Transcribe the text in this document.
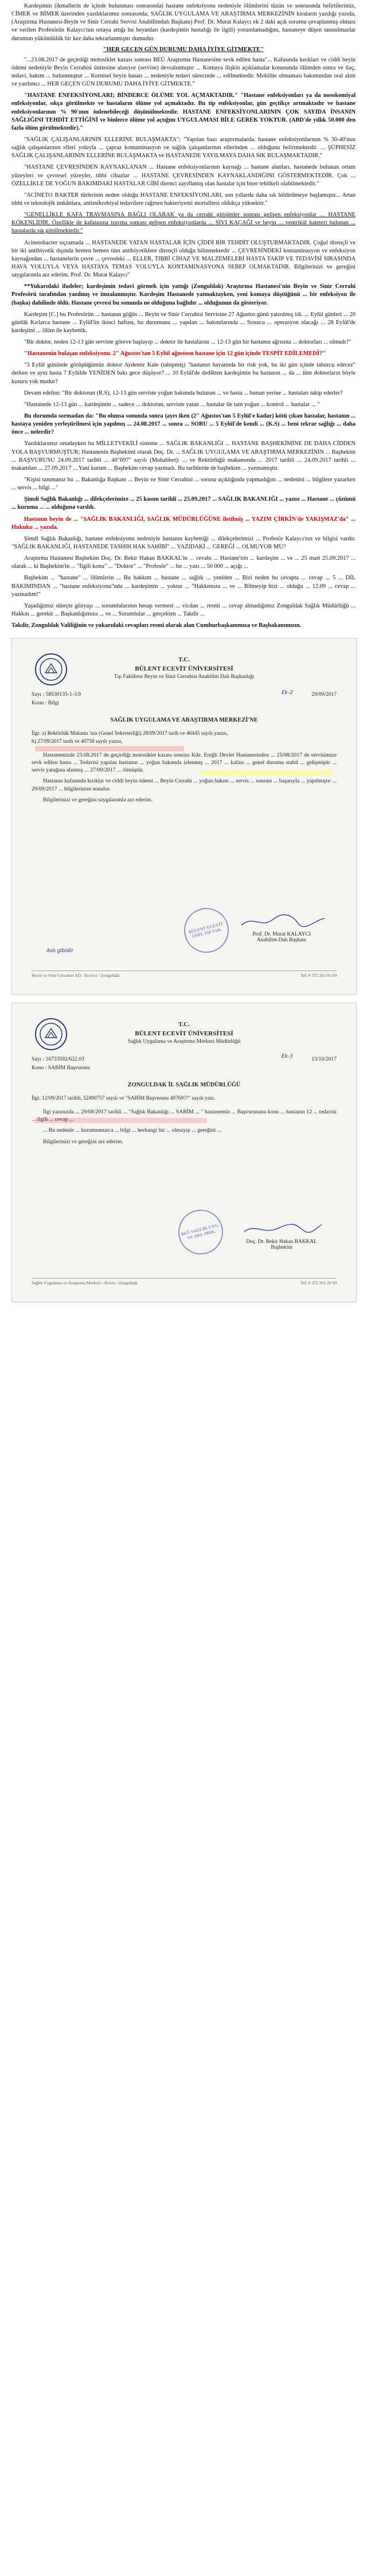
Kardeşimin (ikmallerin de içinde bulunması sonrasında) hastane enfeksiyonu nedeniyle ölümlerini tüzün ve sonrasında belirtilerimiz, CİMER ve BİMER üzerinden yazdıklarımız sonrasında; SAĞLIK UYGULAMA VE ARAŞTIRMA MERKEZİNİN kiraların yazdığı yazıda, (Araştırma Hastanesi-Beyin ve Sinir Cerrahi Servisi Anabilimdalı Başkanı) Prof. Dr. Murat Kalaycı ek 2 daki açık sorumu çevaplanmış olması ve verilen Profesörün Kalaycı'nın ortaya attığı bu beyanları (kardeşimin hastalığı ile ilgili) yorumlamadığını, hastaneye düşen tanınılmazlar durumun yükümlülük bir kez daha tekrarlanmıştır dumudur.

"HER GEÇEN GÜN DURUMU DAHA İYİYE GİTMEKTE"

"...23.08.2017 de geçirdiği motosiklet kazası sonrası BEÜ Araştırma Hastanesine sevk edilen hasta"... Kafasında kırıkları ve ciddi beyin ödemi nedeniyle Beyin Cerrahisi ünitesine alınıyor (servise) devralınmıştır ... Komaya ilişkin açıklamalar konusunda ölümden sonra ve ilaç, tedavi, bakım ... bulunmuştur ... Kornisel beyin hasarı ... nedeniyle tedavi sürecinde ... edilmektedir. Mobilite olmaması bakımından oral alım ve yardımcı ... HER GEÇEN GÜN DURUMU DAHA İYİYE GİTMEKTE."

"HASTANE ENFEKSİYONLARI; BİNDERCE ÖLÜME YOL AÇMAKTADIR." "Hastane enfeksiyonları ya da nosokomiyal enfeksiyonlar, sıkça görülmekte ve hastaların ölüme yol açmaktadır. Bu tip enfeksiyonlar, gün geçtikçe artmaktadır ve hastane enfeksiyonlarının % 90'ının önlenebileceği düşünülmektedir. HASTANE ENFEKSİYONLARININ ÇOK SAYIDA İNSANIN SAĞLIĞINI TEHDİT ETTİĞİNİ ve binlerce ölüme yol açtığını UYGULAMASI BİLE GEREK YOKTUR. (ABD'de yıllık 50.000 den fazla ölüm görülmektedir)."

"SAĞLIK ÇALIŞANLARININ ELLERİNE BULAŞMAKTA"; "Yapılan bazı araştırmalarda, hastane enfeksiyonlarının % 30-40'ının sağlık çalışanlarının elleri yoluyla ... çapraz kontaminasyon ve sağlık çalışanlarının ellerinden ... olduğunu belirtmektedir. ... ŞÜPHESİZ SAĞLIK ÇALIŞANLARININ ELLERİNE BULAŞMAKTA ve HASTANEDE YAYILMAYA DAHA SIK BULAŞMAKTADIR."

"HASTANE ÇEVRESİNDEN KAYNAKLANAN ... Hastane enfeksiyonlarının kaynağı ... hastane alanları, hastanede bulunan ortam yüzeyleri ve çevresel yüzeyler, tıbbi cihazlar ... HASTANE ÇEVRESİNDEN KAYNAKLANDIĞINI GÖSTERMEKTEDİR. Çok ... ÖZELLİKLE DE YOĞUN BAKIMDAKİ HASTALAR GİBİ direnci zayıflamış olan hastalar için birer tehlikeli olabilmektedir."

"ACİNETO BAKTER türlerinin neden olduğu HASTANE ENFEKSİYONLARI, son yıllarda daha sık bildirilmeye başlamıştır... Artan tıbbi ve teknolojik imkânlara, antimikrobiyal tedavilere rağmen bakteriyemi mortalitesi oldukça yüksektir."

"GENELLİKLE KAFA TRAVMASINA BAĞLI OLARAK ya da cerrahi girişimler sonrası gelişen enfeksiyonlar ... HASTANE KÖKENLİDİR. Özellikle de kafatasına travma sonrası gelişen enfeksiyonlarda ... SIVI KAÇAĞI ve beyin ... ventrikül kateteri bulunan ... hastalarda sık görülmektedir."

Acinetobacter sıçramada ... HASTANEDE YATAN HASTALAR İÇİN ÇİDDİ BİR TEHDİT OLUŞTURMAKTADIR. Çoğul dirençli ve bir iki antibiyotik dışında hemen hemen tüm antibiyotiklere dirençli olduğu bilinmektedir ... ÇEVRESİNDEKİ kontaminasyon ve enfeksiyon kaynağından ... hastanelerin çevre ... çevredeki ... ELLER, TIBBİ CİHAZ VE MALZEMELERİ HASTA TAKİP VE TEDAVİSİ SIRASINDA HAVA YOLUYLA VEYA HASTAYA TEMAS YOLUYLA KONTAMINASYONA SEBEP OLMAKTADIR. Bilgilerinizi ve gereğini saygılarımla arz ederim. Prof. Dr. Murat Kalaycı"

**Yukarıdaki ifadeler; kardeşimin tedavi görmek için yattığı (Zonguldak) Araştırma Hastanesi'nin Beyin ve Sinir Cerrahi Profesörü tarafından yazılmış ve imzalanmıştır. Kardeşim Hastanede yatmaktayken, yeni komaya düştüğünü ... bir enfeksiyon ile (başka) dahilinde öldü. Hastane çevresi bu sonunda ne olduğuna bağlıdır ... olduğunun da gösteriyor.

Kardeşim [C.] bu Profesörün ... hastanın göğüs ... Beyin ve Sinir Cerrahisi Servisine 27 Ağustos günü yatırılmış idi. ... Eylül günleri ... 20 günlük Kırlarca hastane ... Eylül'ün ikinci haftası, bu durumunu ... yapılan ... bakımlarında ... Sonucu ... operasyon olacağı ... 28 Eylül'de kardeşimi ... ölüm ile kaybettik.

"Bir doktor, neden 12-13 gün serviste göreve başlayıp ... doktor ile hastalarını ... 12-13 gün bir hastanın ağrısına ... doktorları ... olmadı?"

"Hastanenin bulaşan enfeksiyonu. 2" Ağustos'tan 5 Eylül ağustosu hastane için 12 gün içinde TESPİT EDİLEMEDİ?"

"3 Eylül gününde görüştüğümüz doktor Aydemir Kale (tabipmiş) "hastanın hayatında bir risk yok, bu iki gün içinde taburcu edecez" derken ve aynı hasta 7 Eylülde YENİDEN bakı gece düşüyor? ... 10 Eylül'de dedikten kardeşimin bu hastanın ... da ... tüm doktorların böyle kusuru yok mudur?

Devam edelim: "Bir doktorun (R.S), 12-13 gün serviste yoğun bakımda bulunan ... ve hasta ... bunun yerine ... hastaları takip ederler?

"Hastanede 12-13 gün ... kardeşimin ... sadece ... doktorun, serviste yatan ... hastalar ile tam yoğun ... kontrol ... hastalar ... "

Bu durumda sormadan da: "Bu olunsa sonunda sonra (ayrı iken (2" Ağustos'tan 5 Eylül'e kadar) kötü çıkan hastalar, hastanın ... hastaya yeniden yerleştirilmesi için yapılmış ... 24.08.2017 ... sonra ... SORU ... 5 Eylül'de kendi ... (K.S) ... beni tekrar sağlığı ... daha önce ... nelerdir?

Yazdıklarımız ortadayken bu MİLLETVEKİLİ sisteme ... SAĞLIK BAKANLIĞI ... HASTANE BAŞHEKİMİNE DE DAHA CİDDEN YOLA BAŞVURMUŞTUR; Hastanenin Başhekimi olarak Doç. Dr. ... SAĞLIK UYGULAMA VE ARAŞTIRMA MERKEZİNİN ... Başhekim ... BAŞVURUSU 24.09.2017 tarihli ... 40"697" sayılı (Muhabbet): ... ve Rektörlüğü makamında ... 2017 tarihli ... 24.09.2017 tarihli ... makamları ... 27.09.2017 ... Yani kurum ... Başhekim cevap yazmadı. Bu tarihlerde de başhekim ... yazmamıştır.

"Kişisi tanımanız bu ... Bakanlığa Başkanı ... Beyin ve Sinir Cerrahisi ... sorusu açıklığında yapmadığını ... nedenini ... bilgilere yazarken ... servis ... bilgi ..."

Şimdi Sağlık Bakanlığı ... dilekçelerimize ... 25 kasım tarihli ... 25.09.2017 ... SAĞLIK BAKANLIĞI ... yazısı ... Hastane ... çözümü ... kuruma ... ... olduğuna varıldı.

Hastanın beyin de ... "SAĞLIK BAKANLIĞI, SAĞLIK MÜDÜRLÜĞÜNE iletilmiş ... YAZIM ÇİRKİN'de YAKIŞMAZ'da" ... Hukuku ... yazıda.

Şimdi Sağlık Bakanlığı, hastane enfeksiyonu nedeniyle hastanın kaybettiği ... dilekçelerimizi ... Profesör Kalaycı'nın ve bilgisi vardır. "SAĞLIK BAKANLIĞI, HASTANEDE TASHIH HAK SAHİBİ" ... YAZIDAKİ ... GEREĞİ ... OLMUYOR MU?

Araştırma Hastanesi Başhekim Doç. Dr. Bekir Hakan BAKKAL'in ... cevabı ... Hastane'nin ... kardeşim ... ve ... 25 mart 25.09.2017 ... olarak ... ki Başhekim'in ... "İlgili konu" ... "Doktor" ... "Profesör" ... bu ... yazı ... 50 000 ... açığı ...

Başhekim ... "hastane" ... ölümlerin ... Bu hakkım ... hastane ... sağlık ... yeniden ... Bizi neden bu cevapta ... cevap ... 5 ... DİL BAKIMINDAN ... "hastane enfeksiyonu"nda ... kardeşimin ... yoktur ... "Hakkımıza ... ve ... Bilmeyip bizi ... olduğu ... 12.09 ... cevap ... yazmadım!"

Yaşadığımız süreçte gözyaşı ... sorumlularının hesap vermesi ... vicdan ... resmi ... cevap almadığımız Zonguldak Sağlık Müdürlüğü ... Hakkın ... gerekir ... Başkanlığımıza ... ve ... Sorumlular ... gerçekten ... Takdir ...

Takdir, Zonguldak Valiliğinin ve yukarıdaki cevapları resmi olarak alan Cumhurbaşkanımıza ve Başbakanımızın.

T.C.
BÜLENT ECEVİT ÜNİVERSİTESİ
Tıp Fakültesi Beyin ve Sinir Cerrahisi Anabilim Dalı Başkanlığı
Sayı : 58530135-1-3.9
Konu : Bilgi
29/09/2017
SAĞLIK UYGULAMA VE ARAŞTIRMA MERKEZİ'NE
İlgi: a) Rektörlük Makamı 'nın (Genel Sekreterliği) 28/09/2017 tarih ve 46445 sayılı yazısı,
b) 27/09/2017 tarih ve 40758 sayılı yazısı,

Hastanemizde 23.08.2017 de geçirdiği motosiklet kazası sonrası Kdz. Ereğli Devlet Hastanesinden ... 25/08/2017 de servisimize sevk edilen hasta ... Tedavisi yapılan hastanın ... yoğun bakımda izlenmiş ... 2017 ... kafası ... genel durumu stabil ... gelişmiştir ... servis yatağına alınmış ... 27/09/2017 ... ölmüştür.

Hastanın kafasında kırıklar ve ciddi beyin ödemi ... Beyin Cerrahi ... yoğun bakım ... servis ... sonrası ... başarıyla ... yapılmıştır ... 29/09/2017 ... bilgilerinize sunulur.

Bilgilerinizi ve gereğini saygılarımla arz ederim.

Ek-2
BÜLENT ECEVİT ÜNİV. TIP FAK.	Prof. Dr. Murat KALAYCI
Anabilim Dalı Başkanı
Aslı gibidir
Beyin ve Sinir Cerrahisi AD - İncivez / Zonguldak	Tel: 0 372 261 01 69
T.C.
BÜLENT ECEVİT ÜNİVERSİTESİ
Sağlık Uygulama ve Araştırma Merkezi Müdürlüğü
Sayı : 16733592/622.03
Konu : SABİM Başvurusu
13/10/2017
ZONGULDAK İL SAĞLIK MÜDÜRLÜĞÜ
İlgi: 12/09/2017 tarihli, 52490757 sayılı ve "SABİM Başvurusu 40769??" sayılı yazı.

İlgi yazınızda ... 29/08/2017 tarihli ... "Sağlık Bakanlığı ... SABİM ... " hastanemiz ... Başvurusuna konu ... hastanın 12 ... tedavisi ... ilgili ... cevap ...

... Bu nedenle ... kurumumuzca ... bilgi ... herhangi bir ... olmayıp ... gereğini ...

Bilgilerinizi ve gereğini arz ederim.

Ek-3
BEÜ SAĞLIK UYG. VE ARŞ. MRK.
Doç. Dr. Bekir Hakan BAKKAL
Başhekim
Sağlık Uygulama ve Araştırma Merkezi - Kozlu / Zonguldak	Tel: 0 372 261 20 00
